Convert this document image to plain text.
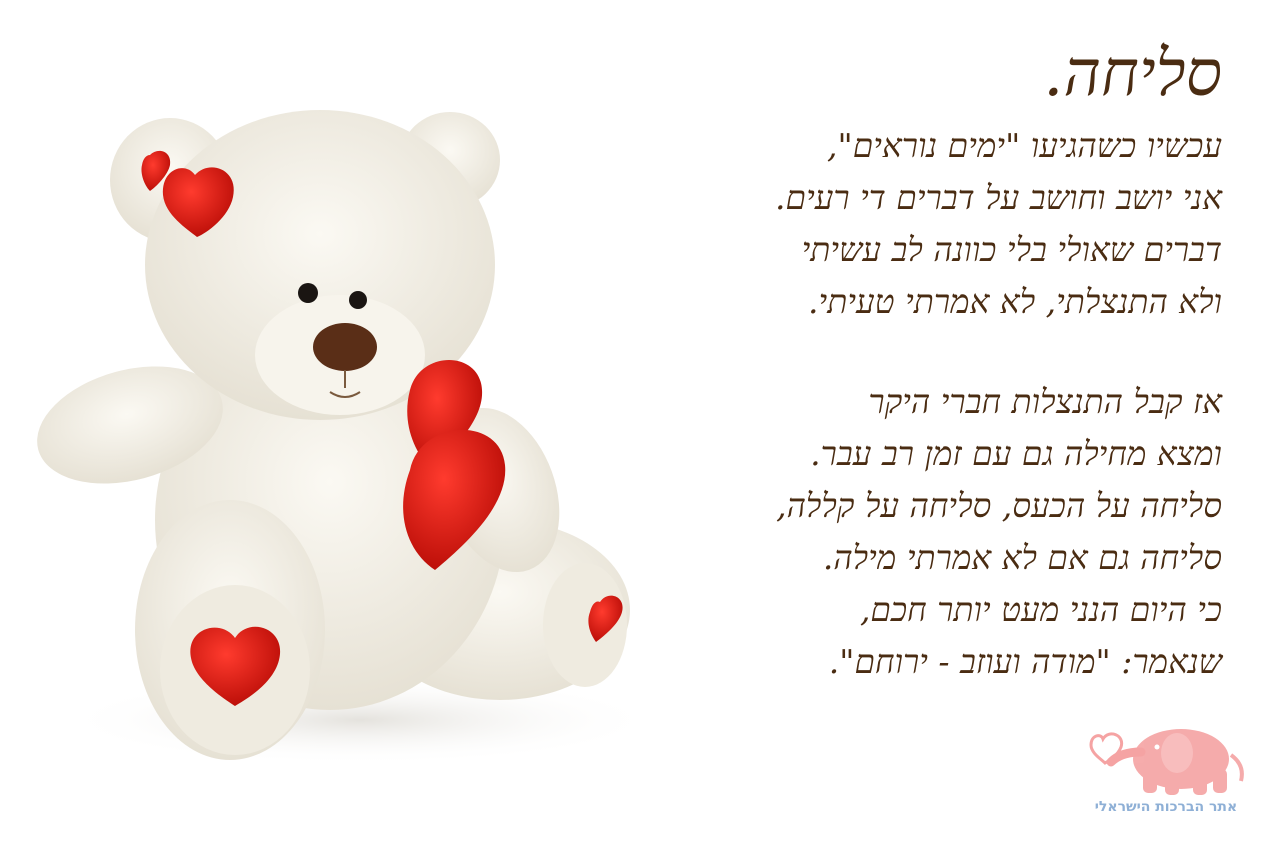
סליחה.

עכשיו כשהגיעו "ימים נוראים",

אני יושב וחושב על דברים די רעים.

דברים שאולי בלי כוונה לב עשיתי

ולא התנצלתי, לא אמרתי טעיתי.

אז קבל התנצלות חברי היקר

ומצא מחילה גם עם זמן רב עבר.

סליחה על הכעס, סליחה על קללה,

סליחה גם אם לא אמרתי מילה.

כי היום הנני מעט יותר חכם,

שנאמר: "מודה ועוזב - ירוחם".

אתר הברכות הישראלי
